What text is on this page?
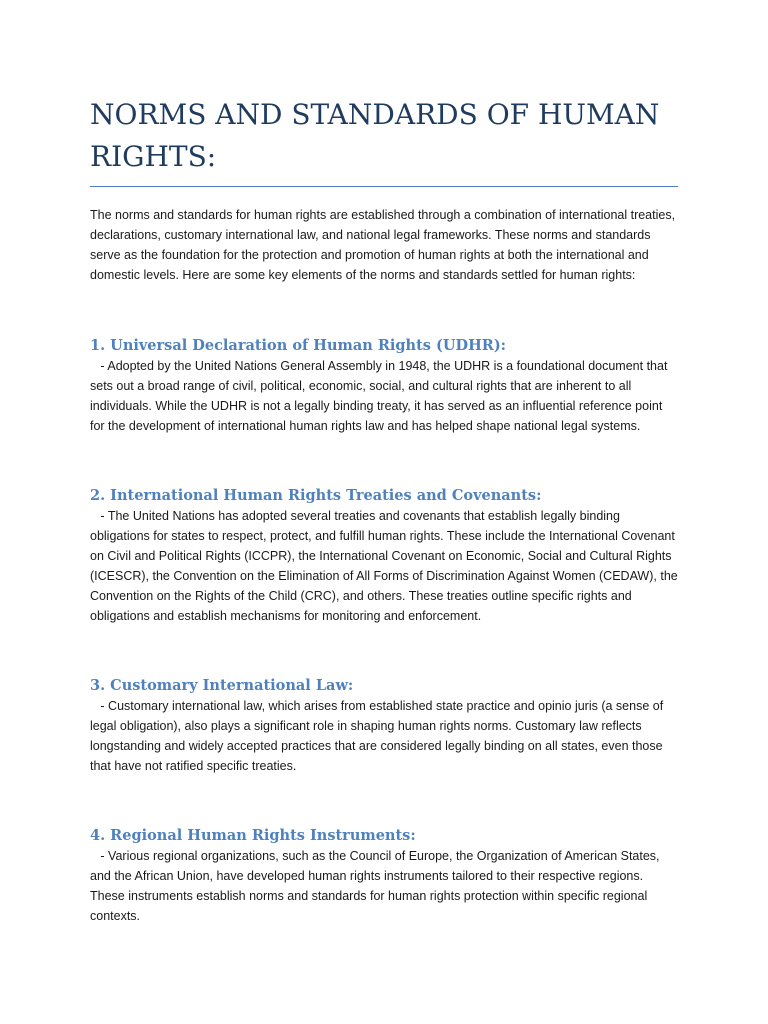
NORMS AND STANDARDS OF HUMAN RIGHTS:

The norms and standards for human rights are established through a combination of international treaties, declarations, customary international law, and national legal frameworks. These norms and standards serve as the foundation for the protection and promotion of human rights at both the international and domestic levels. Here are some key elements of the norms and standards settled for human rights:

1. Universal Declaration of Human Rights (UDHR):

- Adopted by the United Nations General Assembly in 1948, the UDHR is a foundational document that sets out a broad range of civil, political, economic, social, and cultural rights that are inherent to all individuals. While the UDHR is not a legally binding treaty, it has served as an influential reference point for the development of international human rights law and has helped shape national legal systems.

2. International Human Rights Treaties and Covenants:

- The United Nations has adopted several treaties and covenants that establish legally binding obligations for states to respect, protect, and fulfill human rights. These include the International Covenant on Civil and Political Rights (ICCPR), the International Covenant on Economic, Social and Cultural Rights (ICESCR), the Convention on the Elimination of All Forms of Discrimination Against Women (CEDAW), the Convention on the Rights of the Child (CRC), and others. These treaties outline specific rights and obligations and establish mechanisms for monitoring and enforcement.

3. Customary International Law:

- Customary international law, which arises from established state practice and opinio juris (a sense of legal obligation), also plays a significant role in shaping human rights norms. Customary law reflects longstanding and widely accepted practices that are considered legally binding on all states, even those that have not ratified specific treaties.

4. Regional Human Rights Instruments:

- Various regional organizations, such as the Council of Europe, the Organization of American States, and the African Union, have developed human rights instruments tailored to their respective regions. These instruments establish norms and standards for human rights protection within specific regional contexts.
